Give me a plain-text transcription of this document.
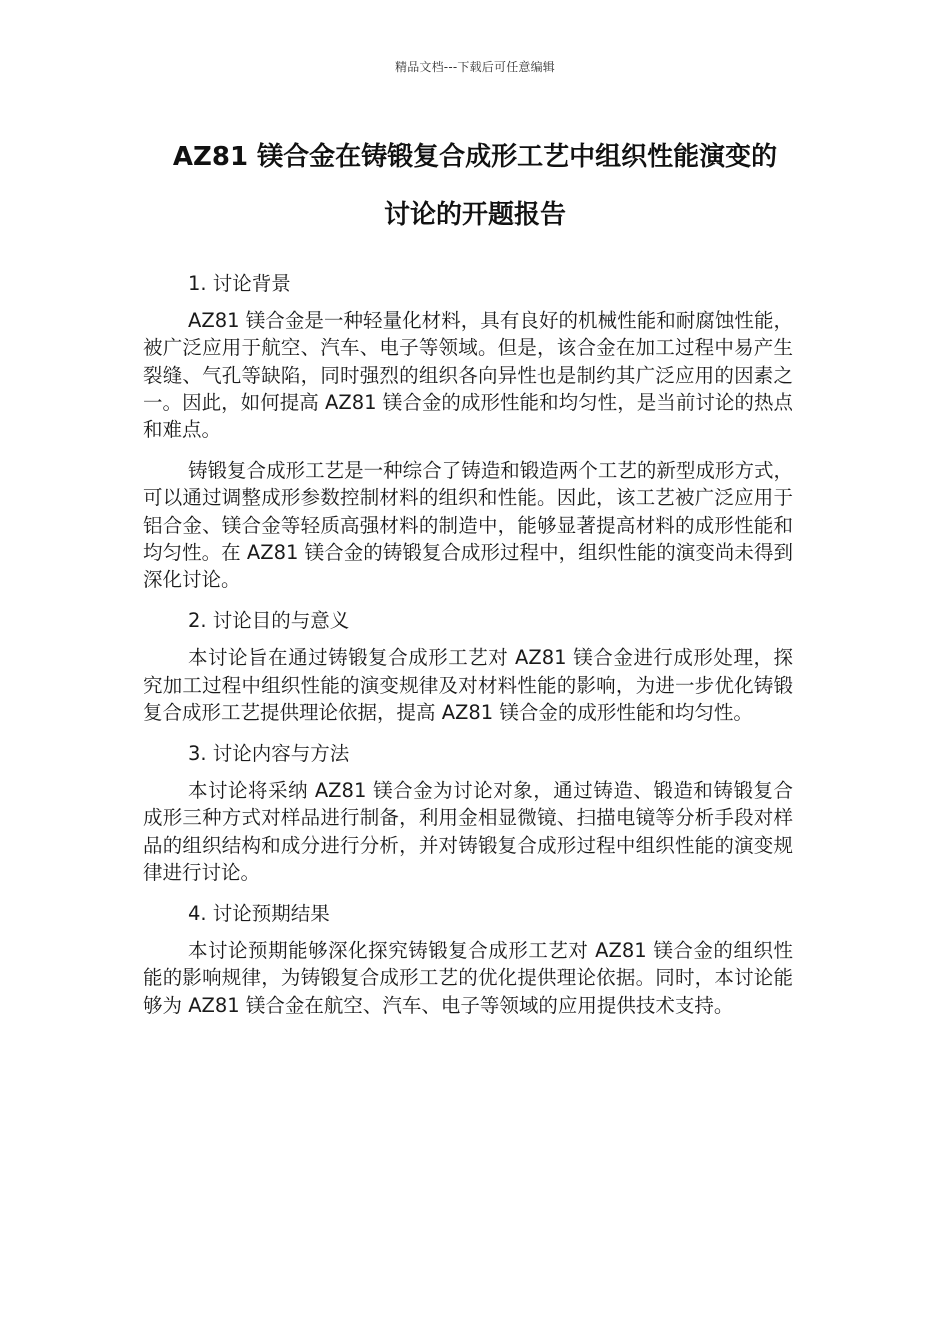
精品文档---下载后可任意编辑
AZ81 镁合金在铸锻复合成形工艺中组织性能演变的
讨论的开题报告
1. 讨论背景

AZ81 镁合金是一种轻量化材料，具有良好的机械性能和耐腐蚀性能，被广泛应用于航空、汽车、电子等领域。但是，该合金在加工过程中易产生裂缝、气孔等缺陷，同时强烈的组织各向异性也是制约其广泛应用的因素之一。因此，如何提高 AZ81 镁合金的成形性能和均匀性，是当前讨论的热点和难点。

铸锻复合成形工艺是一种综合了铸造和锻造两个工艺的新型成形方式，可以通过调整成形参数控制材料的组织和性能。因此，该工艺被广泛应用于铝合金、镁合金等轻质高强材料的制造中，能够显著提高材料的成形性能和均匀性。在 AZ81 镁合金的铸锻复合成形过程中，组织性能的演变尚未得到深化讨论。

2. 讨论目的与意义

本讨论旨在通过铸锻复合成形工艺对 AZ81 镁合金进行成形处理，探究加工过程中组织性能的演变规律及对材料性能的影响，为进一步优化铸锻复合成形工艺提供理论依据，提高 AZ81 镁合金的成形性能和均匀性。

3. 讨论内容与方法

本讨论将采纳 AZ81 镁合金为讨论对象，通过铸造、锻造和铸锻复合成形三种方式对样品进行制备，利用金相显微镜、扫描电镜等分析手段对样品的组织结构和成分进行分析，并对铸锻复合成形过程中组织性能的演变规律进行讨论。

4. 讨论预期结果

本讨论预期能够深化探究铸锻复合成形工艺对 AZ81 镁合金的组织性能的影响规律，为铸锻复合成形工艺的优化提供理论依据。同时，本讨论能够为 AZ81 镁合金在航空、汽车、电子等领域的应用提供技术支持。
